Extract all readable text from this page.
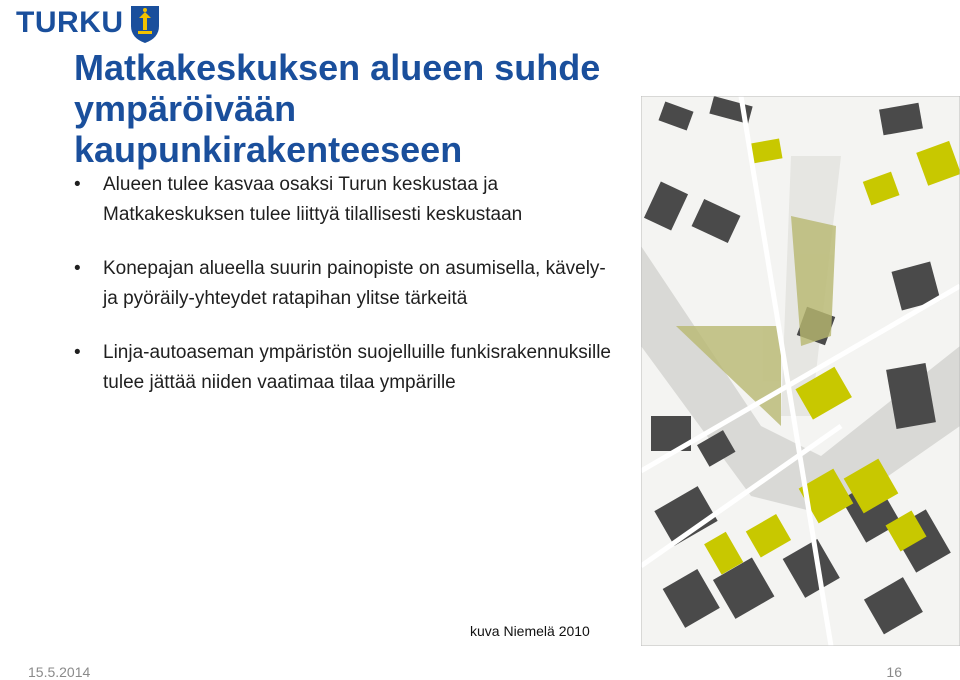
TURKU
Matkakeskuksen alueen suhde ympäröivään
kaupunkirakenteeseen
• Alueen tulee kasvaa osaksi Turun keskustaa ja Matkakeskuksen tulee liittyä tilallisesti keskustaan
• Konepajan alueella suurin painopiste on asumisella, kävely- ja pyöräily-yhteydet ratapihan ylitse tärkeitä
• Linja-autoaseman ympäristön suojelluille funkisrakennuksille tulee jättää niiden vaatimaa tilaa ympärille
kuva Niemelä 2010
15.5.2014	16
